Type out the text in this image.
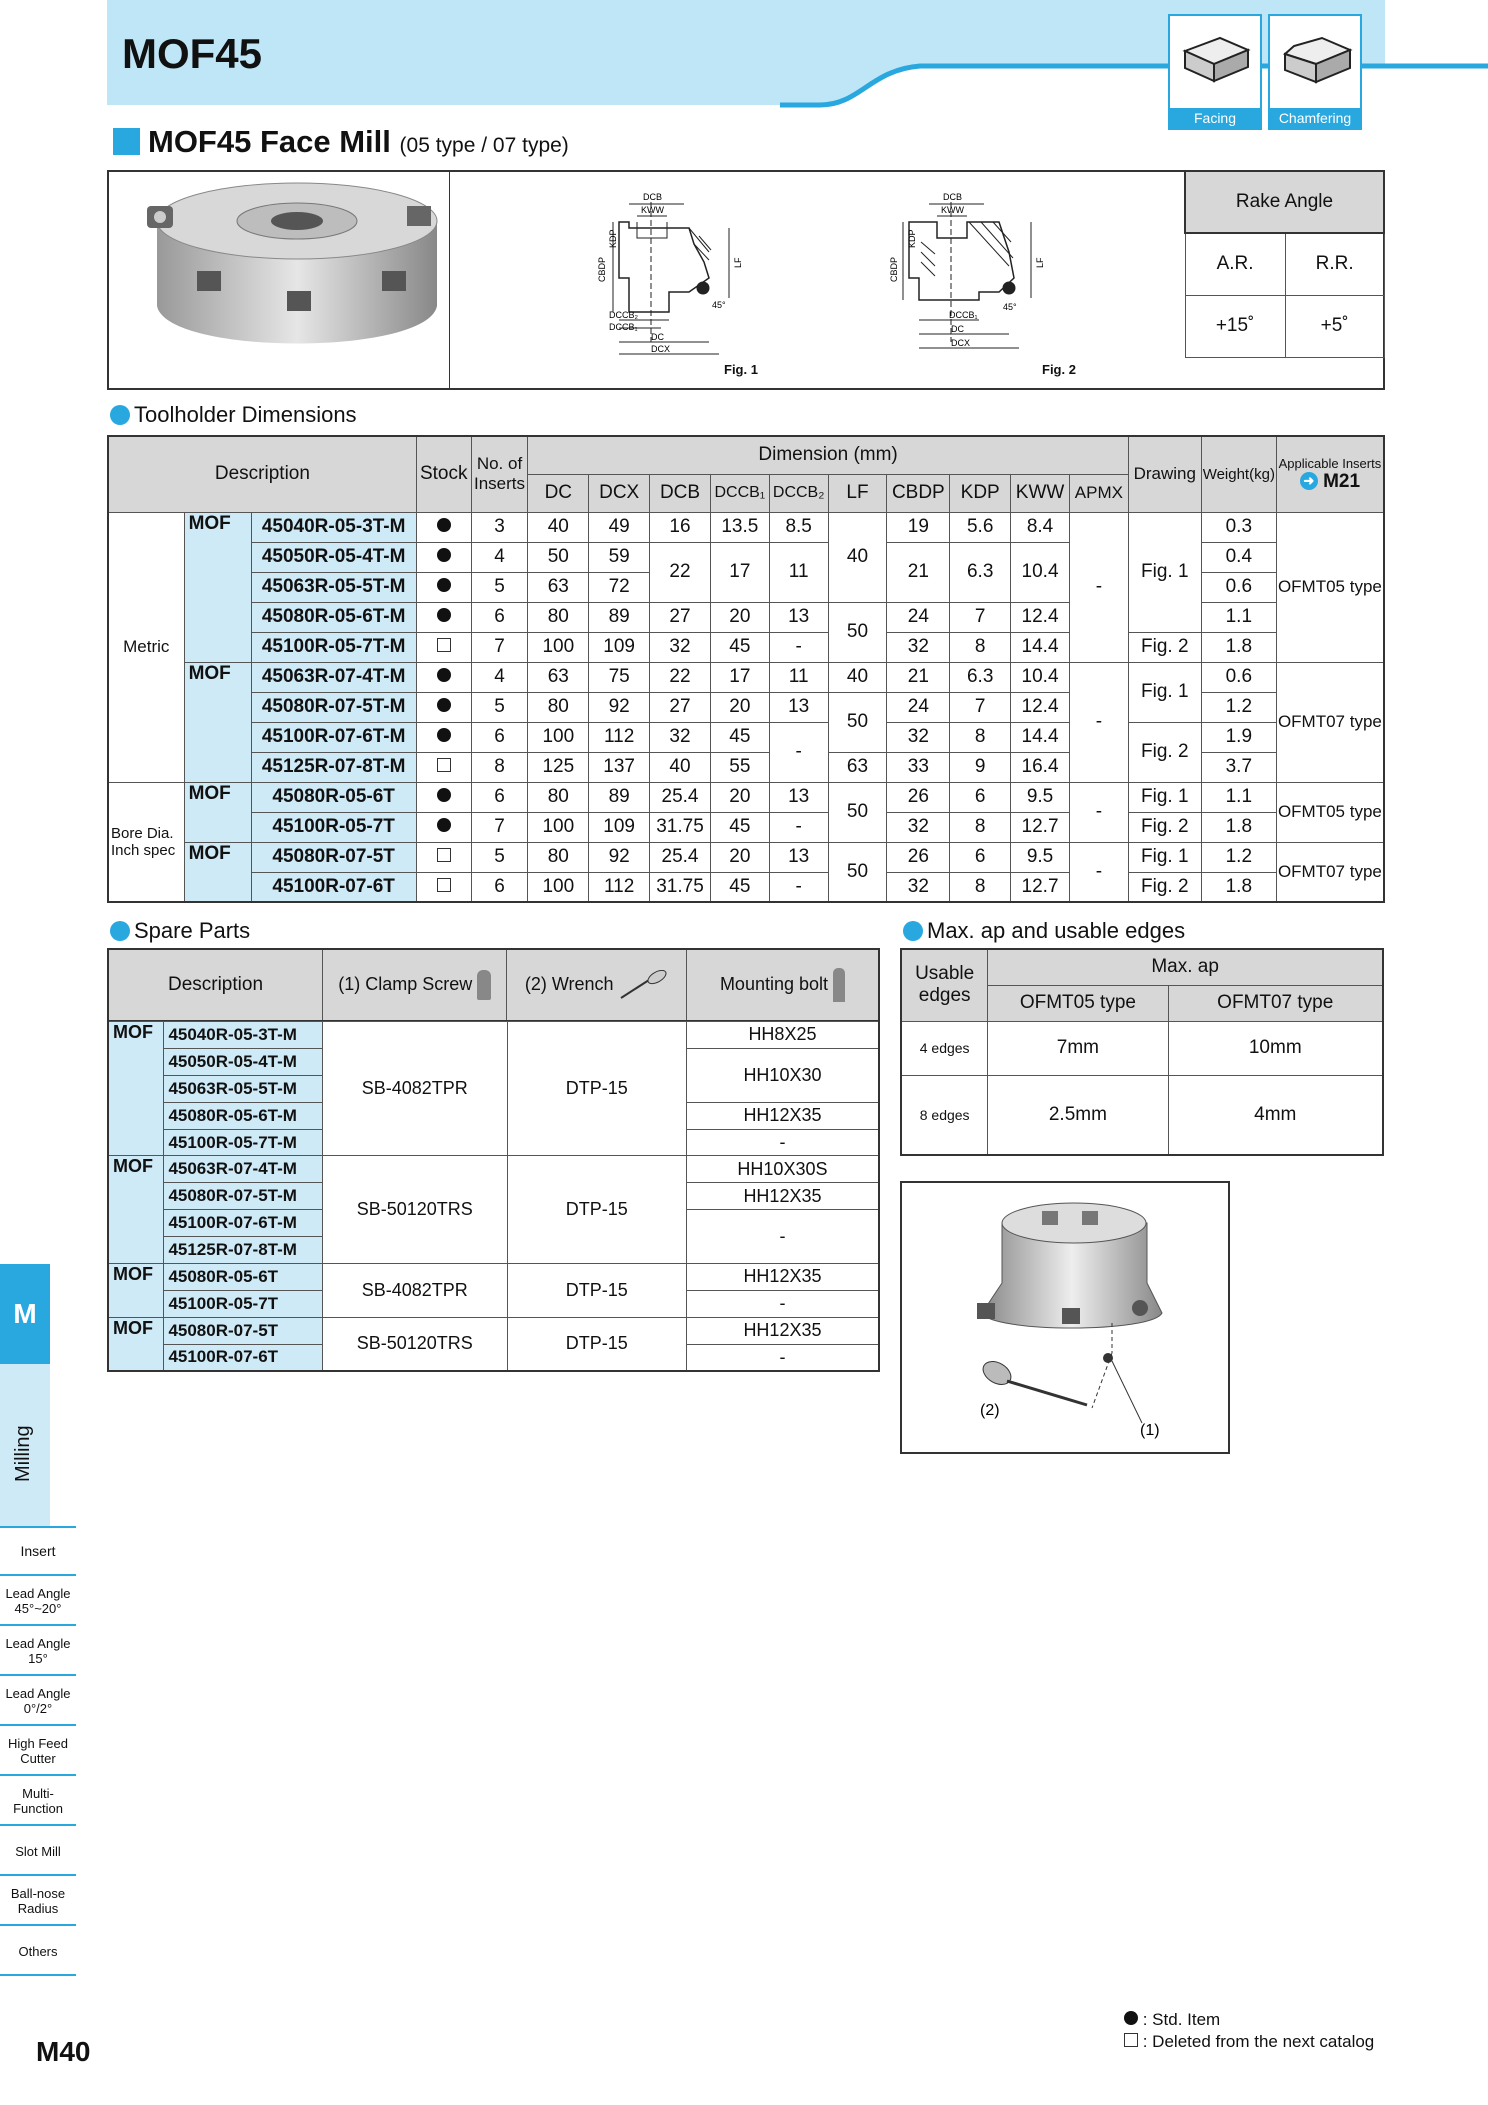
MOF45
Facing	Chamfering
MOF45 Face Mill (05 type / 07 type)
DCB
KWW
CBDP
KDP
LF
DCCB₂
DCCB₁
DC
DCX
45°
Fig. 1
DCB
KWW
CBDP
KDP
LF
DCCB₁
DC
DCX
45°
Fig. 2
Rake Angle	
A.R.	R.R.
+15˚	+5˚
Toolholder Dimensions
Description			Stock	No. of Inserts	Dimension (mm)										Drawing	Weight(kg)	Applicable Inserts
➜ M21

					DC	DCX	DCB	DCCB₁	DCCB₂	LF	CBDP	KDP	KWW	APMX			
Metric	MOF	45040R-05-3T-M		3	40	49	16	13.5	8.5	40	19	5.6	8.4	-	Fig. 1	0.3	OFMT05 type
		45050R-05-4T-M		4	50	59	22	17	11		21	6.3	10.4			0.4	
		45063R-05-5T-M		5	63	72										0.6	
		45080R-05-6T-M		6	80	89	27	20	13	50	24	7	12.4			1.1	
		45100R-05-7T-M		7	100	109	32	45	-		32	8	14.4		Fig. 2	1.8	
	MOF	45063R-07-4T-M		4	63	75	22	17	11	40	21	6.3	10.4	-	Fig. 1	0.6	OFMT07 type
		45080R-07-5T-M		5	80	92	27	20	13	50	24	7	12.4			1.2	
		45100R-07-6T-M		6	100	112	32	45	-		32	8	14.4		Fig. 2	1.9	
		45125R-07-8T-M		8	125	137	40	55		63	33	9	16.4			3.7	
Bore Dia. Inch spec	MOF	45080R-05-6T		6	80	89	25.4	20	13	50	26	6	9.5	-	Fig. 1	1.1	OFMT05 type
		45100R-05-7T		7	100	109	31.75	45	-		32	8	12.7		Fig. 2	1.8	
	MOF	45080R-07-5T		5	80	92	25.4	20	13	50	26	6	9.5	-	Fig. 1	1.2	OFMT07 type
		45100R-07-6T		6	100	112	31.75	45	-		32	8	12.7		Fig. 2	1.8	
Spare Parts
Description	(1) Clamp Screw	(2) Wrench	Mounting bolt
MOF	45040R-05-3T-M	SB-4082TPR	DTP-15	HH8X25
	45050R-05-4T-M			HH10X30
	45063R-05-5T-M			
	45080R-05-6T-M			HH12X35
	45100R-05-7T-M			-
MOF	45063R-07-4T-M	SB-50120TRS	DTP-15	HH10X30S
	45080R-07-5T-M			HH12X35
	45100R-07-6T-M			-
	45125R-07-8T-M			
MOF	45080R-05-6T	SB-4082TPR	DTP-15	HH12X35
	45100R-05-7T			-
MOF	45080R-07-5T	SB-50120TRS	DTP-15	HH12X35
	45100R-07-6T			-
Max. ap and usable edges
Usable edges	Max. ap	
	OFMT05 type	OFMT07 type
4 edges	7mm	10mm
8 edges	2.5mm	4mm
(2)
(1)
M
Milling
Insert
Lead Angle 45°~20°
Lead Angle 15°
Lead Angle 0°/2°
High Feed Cutter
Multi-Function
Slot Mill
Ball-nose Radius
Others
: Std. Item
: Deleted from the next catalog
M40
